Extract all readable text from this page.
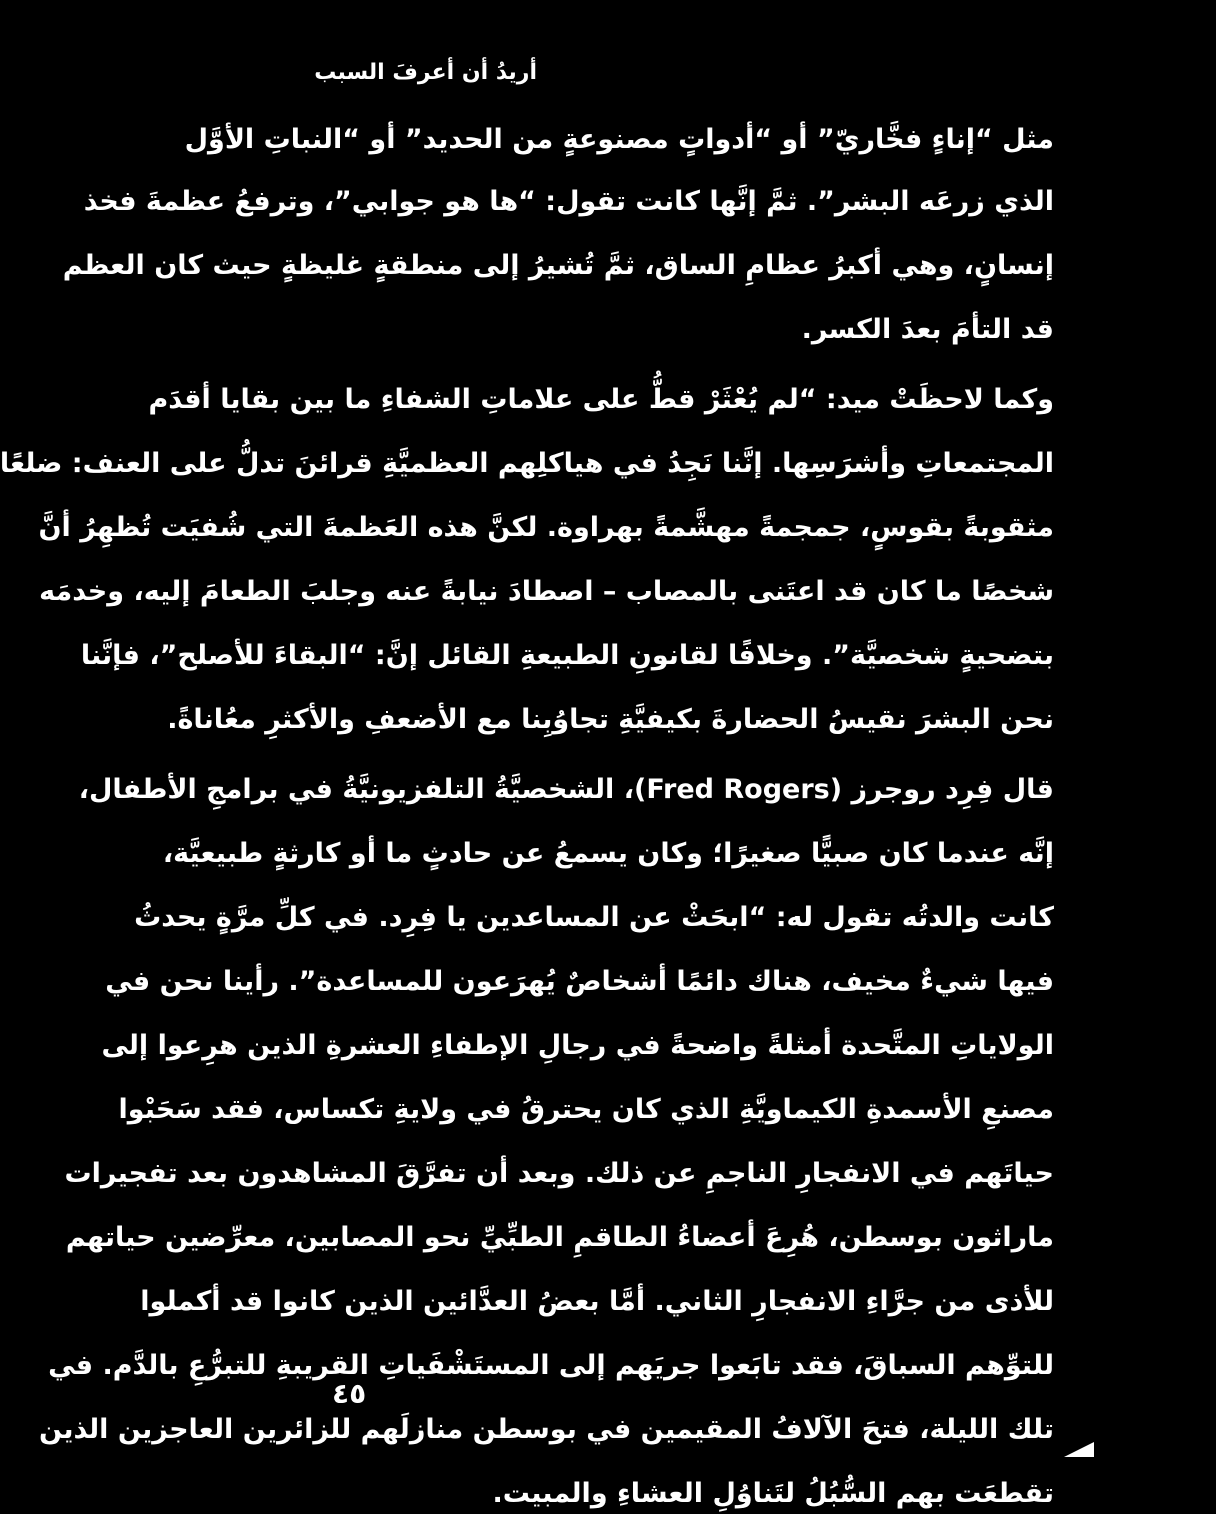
أريدُ أن أعرفَ السبب
مثل “إناءٍ فخَّاريّ” أو “أدواتٍ مصنوعةٍ من الحديد” أو “النباتِ الأوَّل
الذي زرعَه البشر”. ثمَّ إنَّها كانت تقول: “ها هو جوابي”، وترفعُ عظمةَ فخذ
إنسانٍ، وهي أكبرُ عظامِ الساق، ثمَّ تُشيرُ إلى منطقةٍ غليظةٍ حيث كان العظم
قد التأمَ بعدَ الكسر.
وكما لاحظَتْ ميد: “لم يُعْثَرْ قطُّ على علاماتِ الشفاءِ ما بين بقايا أقدَم
المجتمعاتِ وأشرَسِها. إنَّنا نَجِدُ في هياكلِهم العظميَّةِ قرائنَ تدلُّ على العنف: ضلعًا
مثقوبةً بقوسٍ، جمجمةً مهشَّمةً بهراوة. لكنَّ هذه العَظمةَ التي شُفيَت تُظهِرُ أنَّ
شخصًا ما كان قد اعتَنى بالمصاب – اصطادَ نيابةً عنه وجلبَ الطعامَ إليه، وخدمَه
بتضحيةٍ شخصيَّة”. وخلافًا لقانونِ الطبيعةِ القائل إنَّ: “البقاءَ للأصلح”، فإنَّنا
نحن البشرَ نقيسُ الحضارةَ بكيفيَّةِ تجاوُبِنا مع الأضعفِ والأكثرِ معُاناةً.
قال فِرِد روجرز (Fred Rogers)، الشخصيَّةُ التلفزيونيَّةُ في برامجِ الأطفال،
إنَّه عندما كان صبيًّا صغيرًا؛ وكان يسمعُ عن حادثٍ ما أو كارثةٍ طبيعيَّة،
كانت والدتُه تقول له: “ابحَثْ عن المساعدين يا فِرِد. في كلِّ مرَّةٍ يحدثُ
فيها شيءٌ مخيف، هناك دائمًا أشخاصٌ يُهرَعون للمساعدة”. رأينا نحن في
الولاياتِ المتَّحدة أمثلةً واضحةً في رجالِ الإطفاءِ العشرةِ الذين هرِعوا إلى
مصنعِ الأسمدةِ الكيماويَّةِ الذي كان يحترقُ في ولايةِ تكساس، فقد سَحَبْوا
حياتَهم في الانفجارِ الناجمِ عن ذلك. وبعد أن تفرَّقَ المشاهدون بعد تفجيرات
ماراثون بوسطن، هُرِعَ أعضاءُ الطاقمِ الطبِّيِّ نحو المصابين، معرِّضين حياتهم
للأذى من جرَّاءِ الانفجارِ الثاني. أمَّا بعضُ العدَّائين الذين كانوا قد أكملوا
للتوِّهم السباقَ، فقد تابَعوا جريَهم إلى المستَشْفَياتِ القريبةِ للتبرُّعِ بالدَّم. في
تلك الليلة، فتحَ الآلافُ المقيمين في بوسطن منازلَهم للزائرين العاجزين الذين
تقطعَت بهم السُّبُلُ لتَناوُلِ العشاءِ والمبيت.
٤٥
